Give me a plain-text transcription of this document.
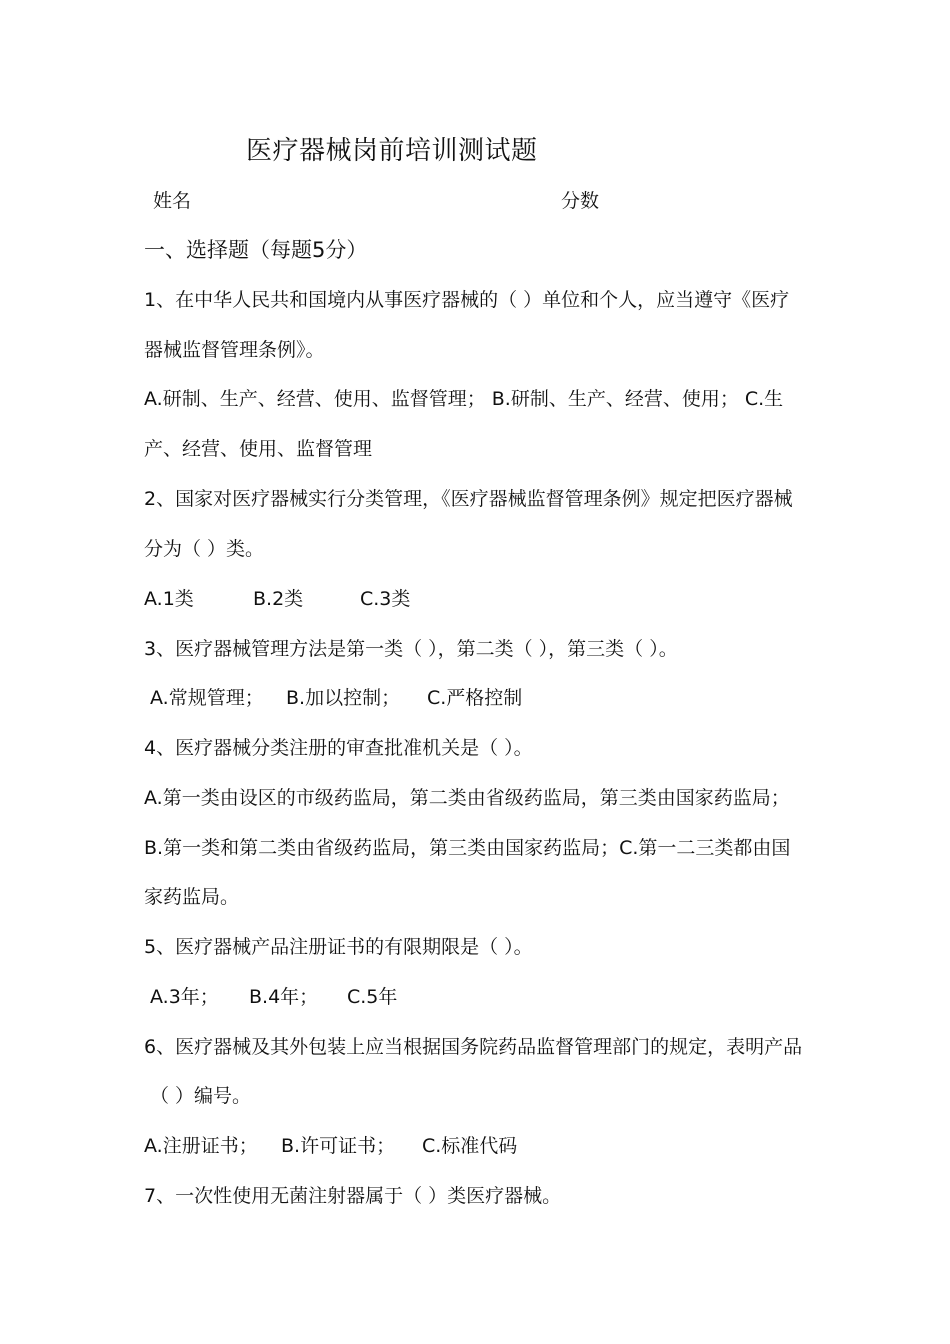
医疗器械岗前培训测试题
姓名	分数
一、选择题（每题5分）
1、在中华人民共和国境内从事医疗器械的（ ）单位和个人，应当遵守《医疗
器械监督管理条例》。
A.研制、生产、经营、使用、监督管理； B.研制、生产、经营、使用； C.生
产、经营、使用、监督管理
2、国家对医疗器械实行分类管理，《医疗器械监督管理条例》规定把医疗器械
分为（ ）类。
A.1类	B.2类	C.3类
3、医疗器械管理方法是第一类（ ），第二类（ ），第三类（ ）。
A.常规管理；	B.加以控制；	C.严格控制
4、医疗器械分类注册的审查批准机关是（ ）。
A.第一类由设区的市级药监局，第二类由省级药监局，第三类由国家药监局；
B.第一类和第二类由省级药监局，第三类由国家药监局；C.第一二三类都由国
家药监局。
5、医疗器械产品注册证书的有限期限是（ ）。
A.3年；	B.4年；	C.5年
6、医疗器械及其外包装上应当根据国务院药品监督管理部门的规定，表明产品
（ ）编号。
A.注册证书；	B.许可证书；	C.标准代码
7、一次性使用无菌注射器属于（ ）类医疗器械。
